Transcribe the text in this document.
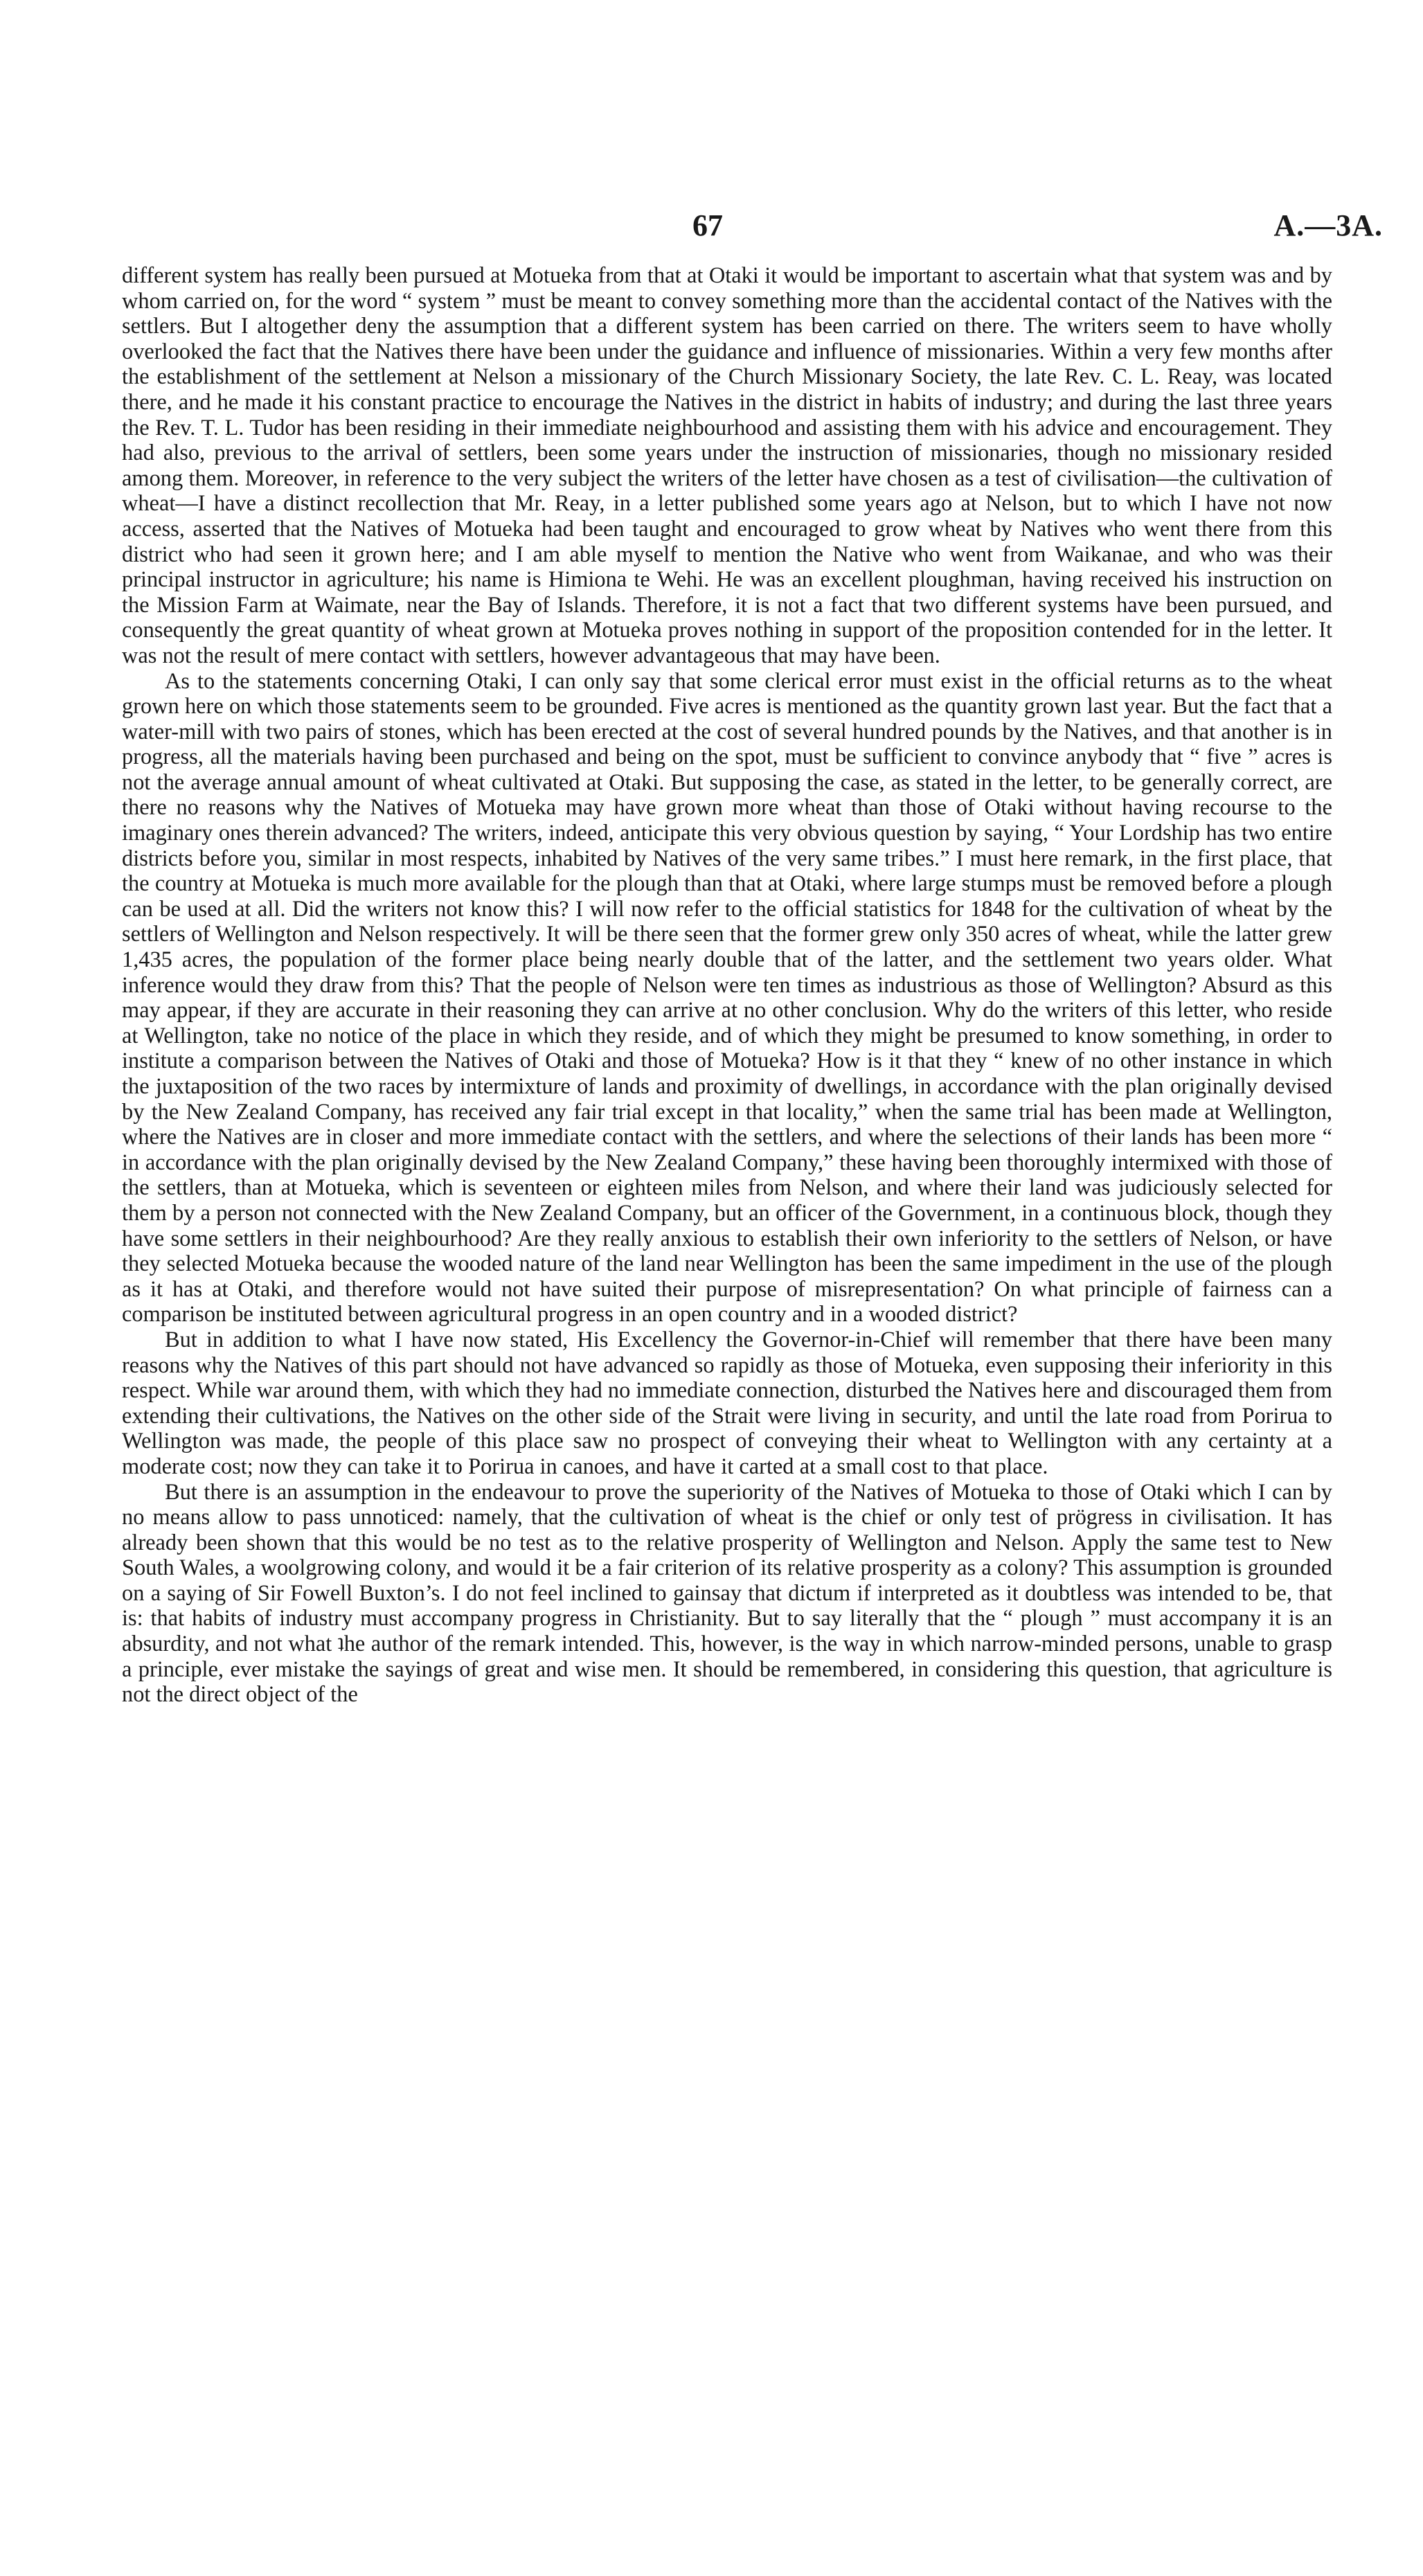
67	A.—3A.

different system has really been pursued at Motueka from that at Otaki it would be important to ascertain what that system was and by whom carried on, for the word “ system ” must be meant to convey something more than the accidental contact of the Natives with the settlers. But I altogether deny the assumption that a different system has been carried on there. The writers seem to have wholly overlooked the fact that the Natives there have been under the guidance and influence of missionaries. Within a very few months after the establishment of the settlement at Nelson a missionary of the Church Missionary Society, the late Rev. C. L. Reay, was located there, and he made it his constant practice to encourage the Natives in the district in habits of industry; and during the last three years the Rev. T. L. Tudor has been residing in their immediate neighbourhood and assisting them with his advice and encouragement. They had also, previous to the arrival of settlers, been some years under the instruction of missionaries, though no missionary resided among them. Moreover, in reference to the very subject the writers of the letter have chosen as a test of civilisation—the cultivation of wheat—I have a distinct recollection that Mr. Reay, in a letter published some years ago at Nelson, but to which I have not now access, asserted that the Natives of Motueka had been taught and encouraged to grow wheat by Natives who went there from this district who had seen it grown here; and I am able myself to mention the Native who went from Waikanae, and who was their principal instructor in agriculture; his name is Himiona te Wehi. He was an excellent ploughman, having received his instruction on the Mission Farm at Waimate, near the Bay of Islands. Therefore, it is not a fact that two different systems have been pursued, and consequently the great quantity of wheat grown at Motueka proves nothing in support of the proposition contended for in the letter. It was not the result of mere contact with settlers, however advantageous that may have been.

As to the statements concerning Otaki, I can only say that some clerical error must exist in the official returns as to the wheat grown here on which those statements seem to be grounded. Five acres is mentioned as the quantity grown last year. But the fact that a water-mill with two pairs of stones, which has been erected at the cost of several hundred pounds by the Natives, and that another is in progress, all the materials having been purchased and being on the spot, must be sufficient to convince anybody that “ five ” acres is not the average annual amount of wheat cultivated at Otaki. But supposing the case, as stated in the letter, to be generally correct, are there no reasons why the Natives of Motueka may have grown more wheat than those of Otaki without having recourse to the imaginary ones therein advanced? The writers, indeed, anticipate this very obvious question by saying, “ Your Lordship has two entire districts before you, similar in most respects, inhabited by Natives of the very same tribes.” I must here remark, in the first place, that the country at Motueka is much more available for the plough than that at Otaki, where large stumps must be removed before a plough can be used at all. Did the writers not know this? I will now refer to the official statistics for 1848 for the cultivation of wheat by the settlers of Wellington and Nelson respectively. It will be there seen that the former grew only 350 acres of wheat, while the latter grew 1,435 acres, the population of the former place being nearly double that of the latter, and the settlement two years older. What inference would they draw from this? That the people of Nelson were ten times as industrious as those of Wellington? Absurd as this may appear, if they are accurate in their reasoning they can arrive at no other conclusion. Why do the writers of this letter, who reside at Wellington, take no notice of the place in which they reside, and of which they might be presumed to know something, in order to institute a comparison between the Natives of Otaki and those of Motueka? How is it that they “ knew of no other instance in which the juxtaposition of the two races by intermixture of lands and proximity of dwellings, in accordance with the plan originally devised by the New Zealand Company, has received any fair trial except in that locality,” when the same trial has been made at Wellington, where the Natives are in closer and more immediate contact with the settlers, and where the selections of their lands has been more “ in accordance with the plan originally devised by the New Zealand Company,” these having been thoroughly intermixed with those of the settlers, than at Motueka, which is seventeen or eighteen miles from Nelson, and where their land was judiciously selected for them by a person not connected with the New Zealand Company, but an officer of the Government, in a continuous block, though they have some settlers in their neighbourhood? Are they really anxious to establish their own inferiority to the settlers of Nelson, or have they selected Motueka because the wooded nature of the land near Wellington has been the same impediment in the use of the plough as it has at Otaki, and therefore would not have suited their purpose of misrepresentation? On what principle of fairness can a comparison be instituted between agricultural progress in an open country and in a wooded district?

But in addition to what I have now stated, His Excellency the Governor-in-Chief will remember that there have been many reasons why the Natives of this part should not have advanced so rapidly as those of Motueka, even supposing their inferiority in this respect. While war around them, with which they had no immediate connection, disturbed the Natives here and discouraged them from extending their cultivations, the Natives on the other side of the Strait were living in security, and until the late road from Porirua to Wellington was made, the people of this place saw no prospect of conveying their wheat to Wellington with any certainty at a moderate cost; now they can take it to Porirua in canoes, and have it carted at a small cost to that place.

But there is an assumption in the endeavour to prove the superiority of the Natives of Motueka to those of Otaki which I can by no means allow to pass unnoticed: namely, that the cultivation of wheat is the chief or only test of prögress in civilisation. It has already been shown that this would be no test as to the relative prosperity of Wellington and Nelson. Apply the same test to New South Wales, a woolgrowing colony, and would it be a fair criterion of its relative prosperity as a colony? This assumption is grounded on a saying of Sir Fowell Buxton’s. I do not feel inclined to gainsay that dictum if interpreted as it doubtless was intended to be, that is: that habits of industry must accompany progress in Christianity. But to say literally that the “ plough ” must accompany it is an absurdity, and not what ʇhe author of the remark intended. This, however, is the way in which narrow-minded persons, unable to grasp a principle, ever mistake the sayings of great and wise men. It should be remembered, in considering this question, that agriculture is not the direct object of the
